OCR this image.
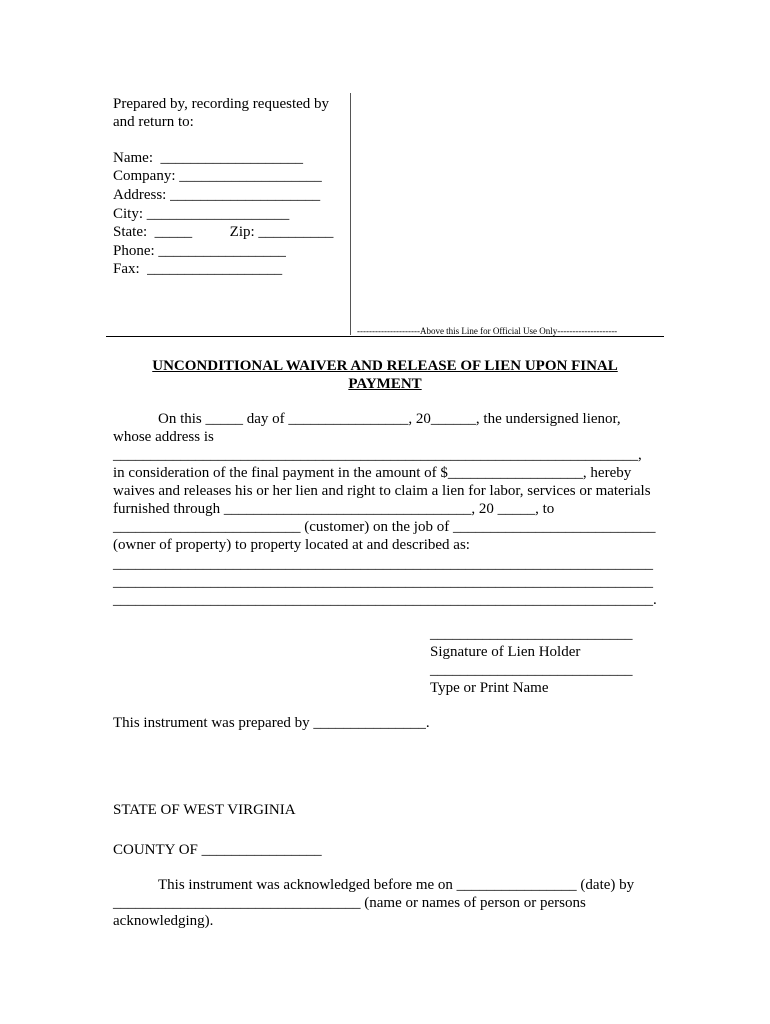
Prepared by, recording requested by
and return to:
Name:  ___________________
Company: ___________________
Address: ____________________
City: ___________________
State:  _____          Zip: __________
Phone: _________________
Fax:  __________________
---------------------Above this Line for Official Use Only--------------------
UNCONDITIONAL WAIVER AND RELEASE OF LIEN UPON FINAL
PAYMENT
On this _____ day of ________________, 20______, the undersigned lienor,
whose address is
______________________________________________________________________,
in consideration of the final payment in the amount of $__________________, hereby
waives and releases his or her lien and right to claim a lien for labor, services or materials
furnished through _________________________________, 20 _____, to
_________________________ (customer) on the job of ___________________________
(owner of property) to property located at and described as:
________________________________________________________________________
________________________________________________________________________
________________________________________________________________________.
___________________________
Signature of Lien Holder
___________________________
Type or Print Name
This instrument was prepared by _______________.
STATE OF WEST VIRGINIA
COUNTY OF ________________
This instrument was acknowledged before me on ________________ (date) by
_________________________________ (name or names of person or persons
acknowledging).
